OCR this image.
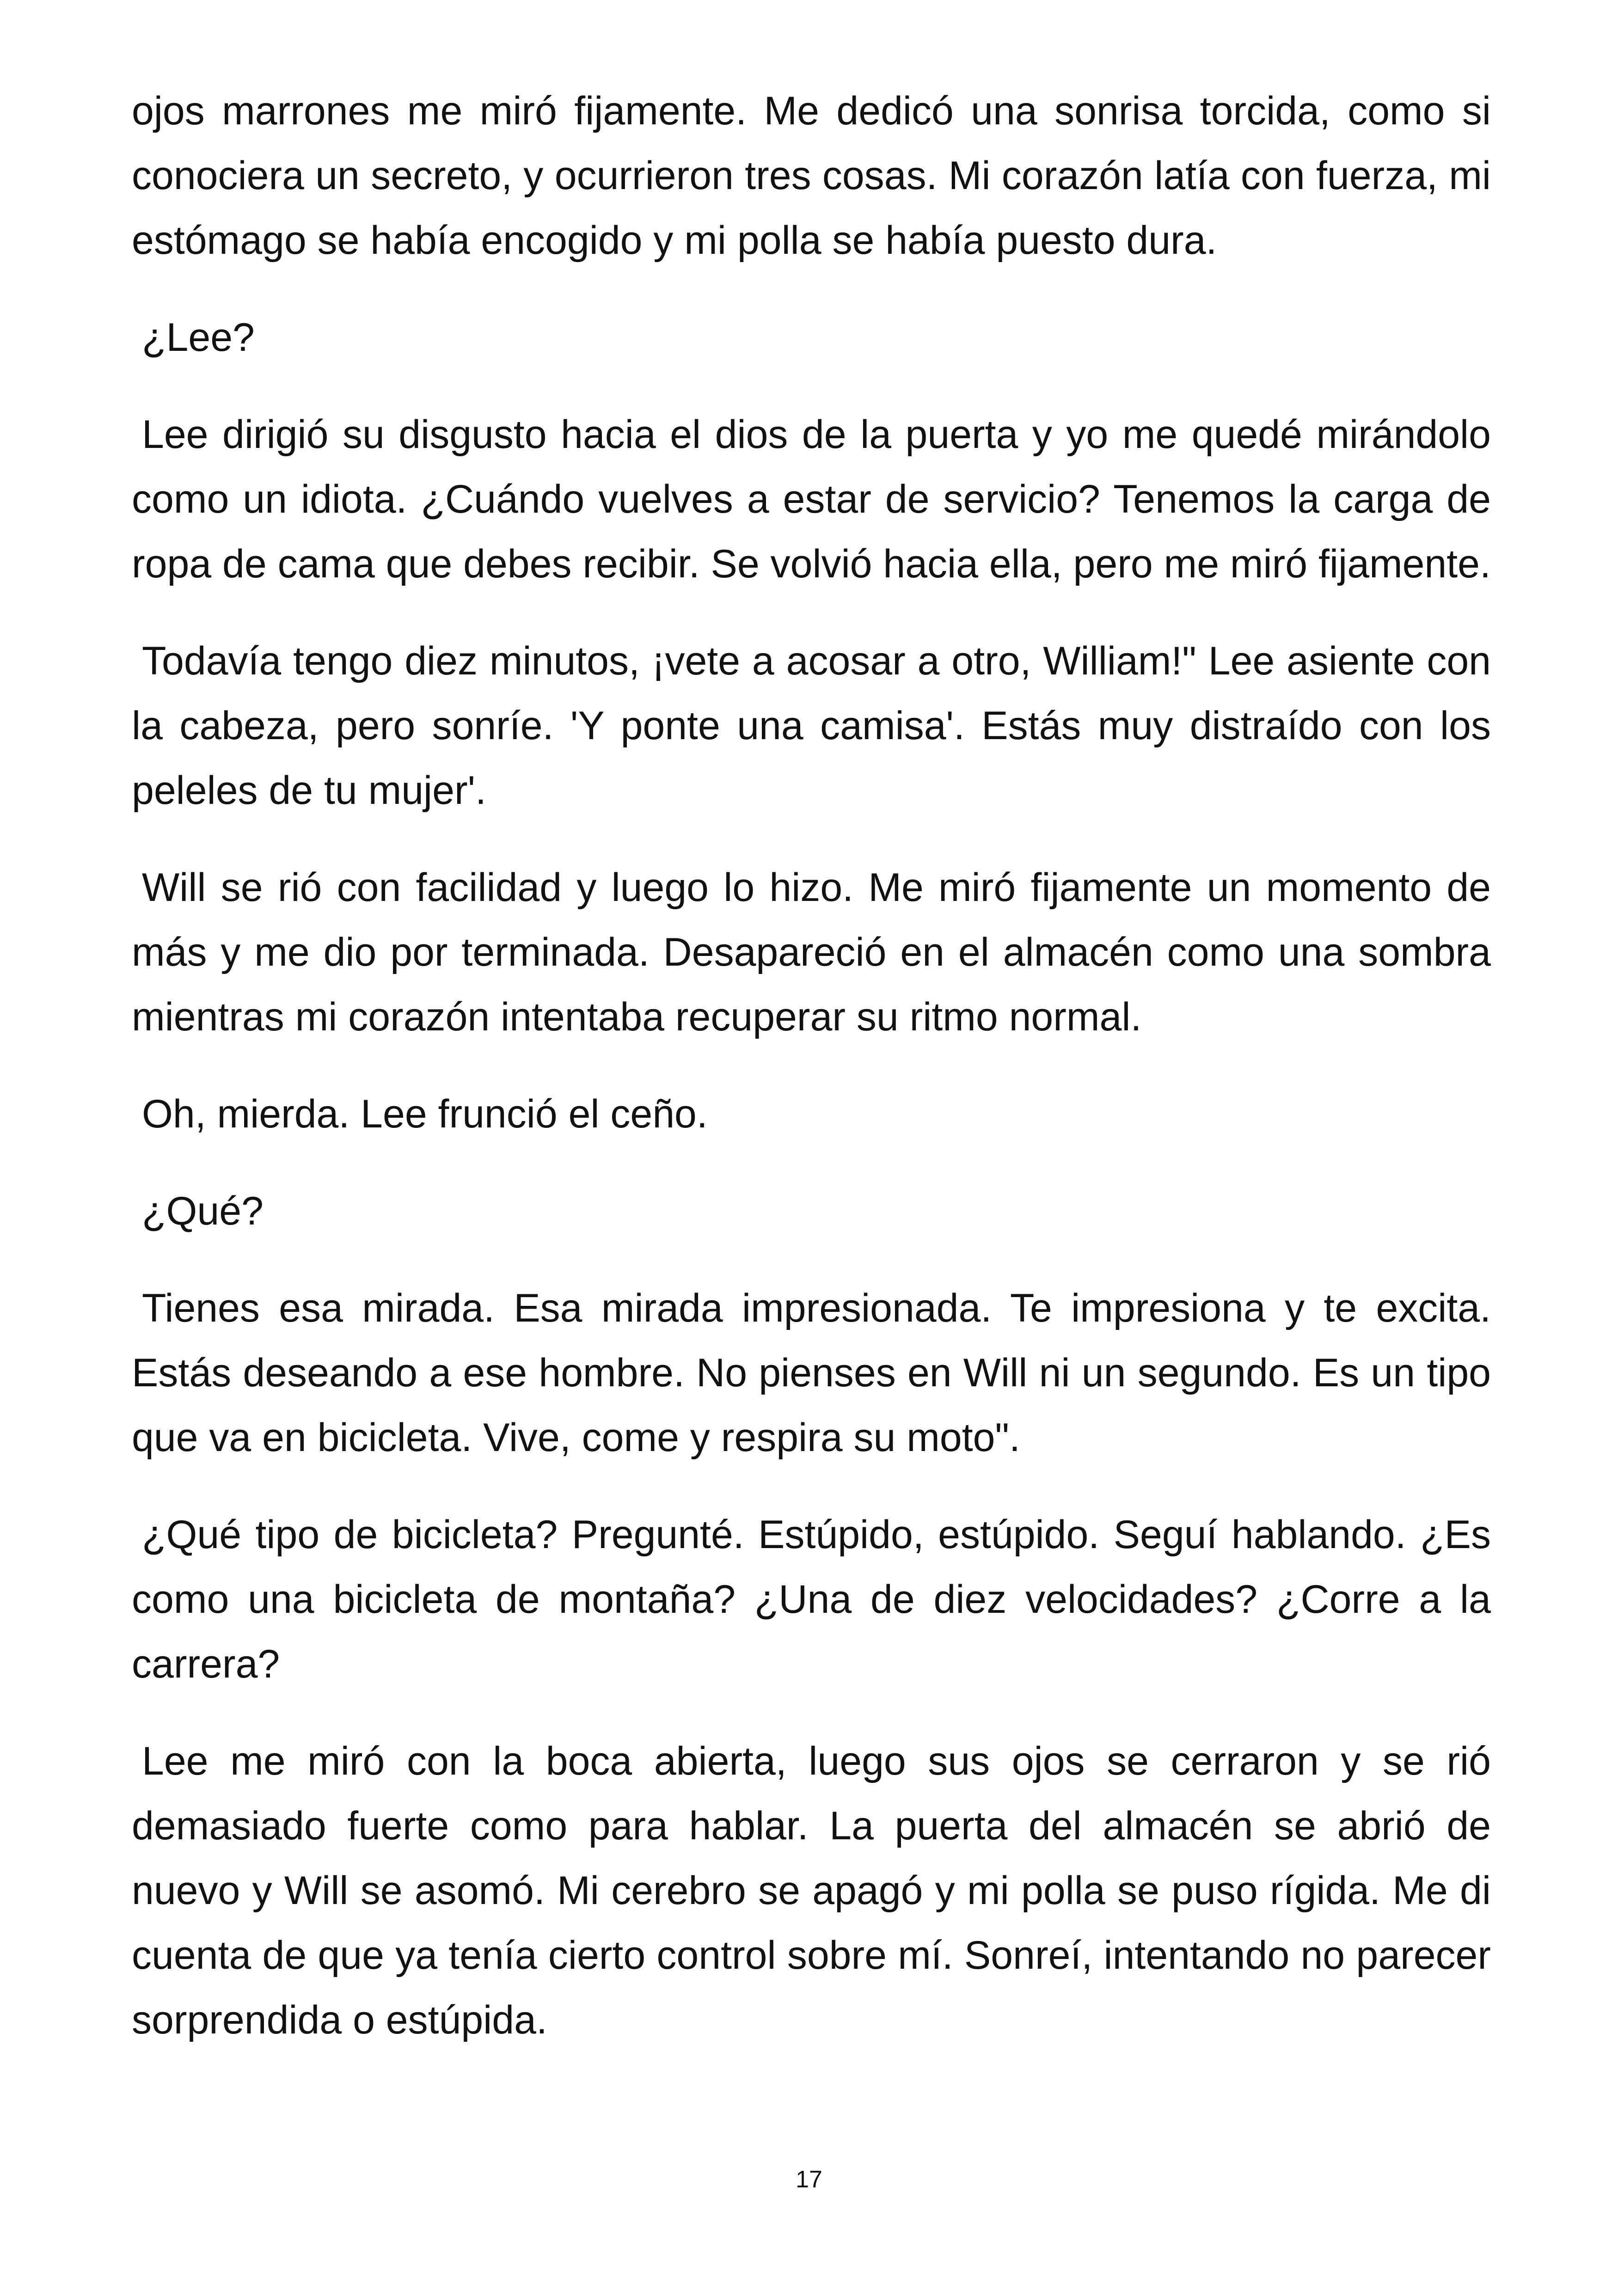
ojos marrones me miró fijamente. Me dedicó una sonrisa torcida, como si conociera un secreto, y ocurrieron tres cosas. Mi corazón latía con fuerza, mi estómago se había encogido y mi polla se había puesto dura.

¿Lee?

Lee dirigió su disgusto hacia el dios de la puerta y yo me quedé mirándolo como un idiota. ¿Cuándo vuelves a estar de servicio? Tenemos la carga de ropa de cama que debes recibir. Se volvió hacia ella, pero me miró fijamente.

Todavía tengo diez minutos, ¡vete a acosar a otro, William!" Lee asiente con la cabeza, pero sonríe. 'Y ponte una camisa'. Estás muy distraído con los peleles de tu mujer'.

Will se rió con facilidad y luego lo hizo. Me miró fijamente un momento de más y me dio por terminada. Desapareció en el almacén como una sombra mientras mi corazón intentaba recuperar su ritmo normal.

Oh, mierda. Lee frunció el ceño.

¿Qué?

Tienes esa mirada. Esa mirada impresionada. Te impresiona y te excita. Estás deseando a ese hombre. No pienses en Will ni un segundo. Es un tipo que va en bicicleta. Vive, come y respira su moto".

¿Qué tipo de bicicleta? Pregunté. Estúpido, estúpido. Seguí hablando. ¿Es como una bicicleta de montaña? ¿Una de diez velocidades? ¿Corre a la carrera?

Lee me miró con la boca abierta, luego sus ojos se cerraron y se rió demasiado fuerte como para hablar. La puerta del almacén se abrió de nuevo y Will se asomó. Mi cerebro se apagó y mi polla se puso rígida. Me di cuenta de que ya tenía cierto control sobre mí. Sonreí, intentando no parecer sorprendida o estúpida.

17
